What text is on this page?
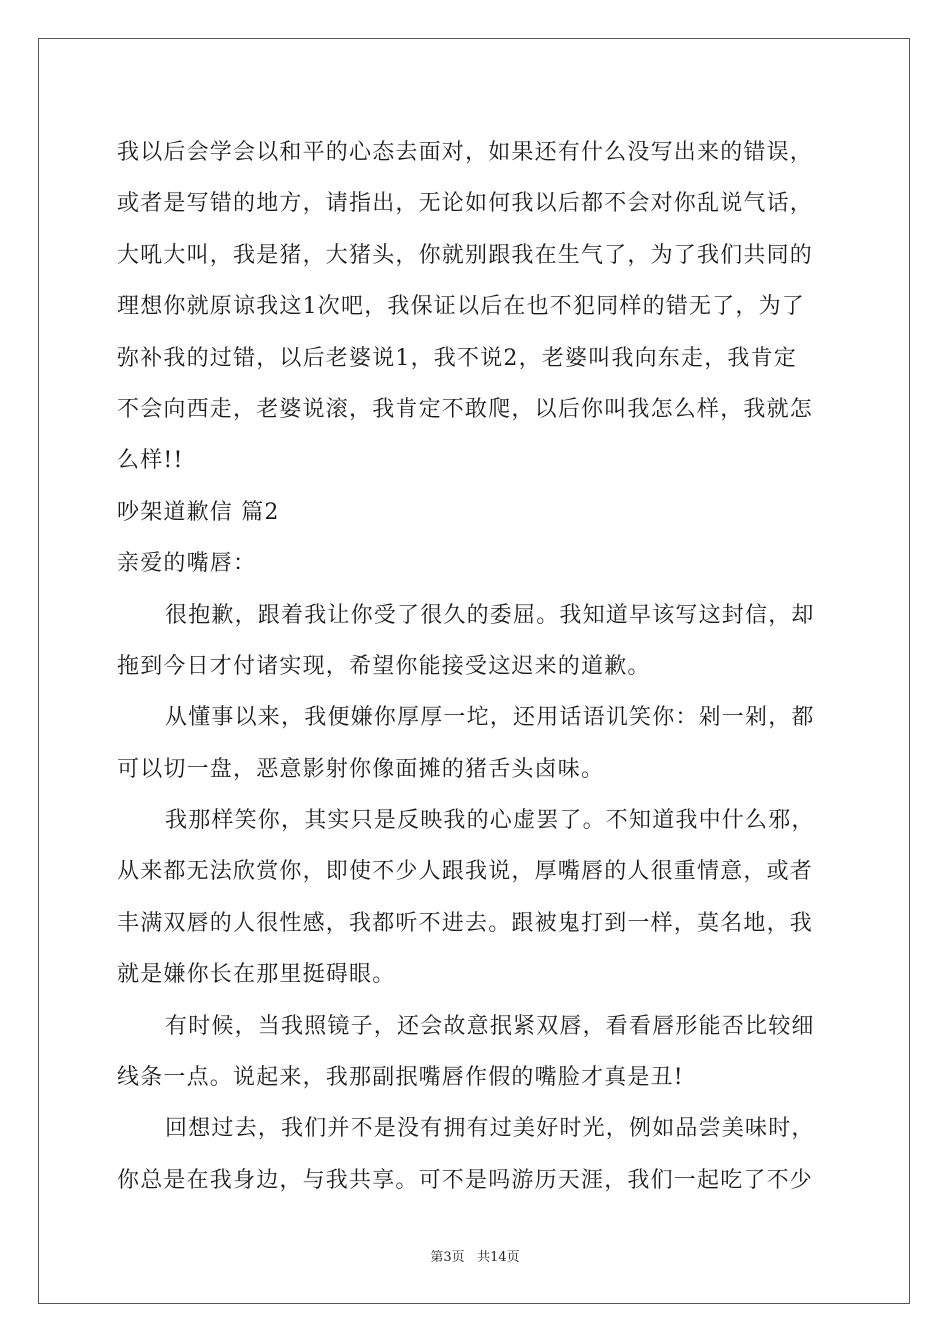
我以后会学会以和平的心态去面对，如果还有什么没写出来的错误，
或者是写错的地方，请指出，无论如何我以后都不会对你乱说气话，
大吼大叫，我是猪，大猪头，你就别跟我在生气了，为了我们共同的
理想你就原谅我这1次吧，我保证以后在也不犯同样的错无了，为了
弥补我的过错，以后老婆说1，我不说2，老婆叫我向东走，我肯定
不会向西走，老婆说滚，我肯定不敢爬，以后你叫我怎么样，我就怎
么样!!
吵架道歉信 篇2
亲爱的嘴唇：
很抱歉，跟着我让你受了很久的委屈。我知道早该写这封信，却
拖到今日才付诸实现，希望你能接受这迟来的道歉。
从懂事以来，我便嫌你厚厚一坨，还用话语讥笑你：剁一剁，都
可以切一盘，恶意影射你像面摊的猪舌头卤味。
我那样笑你，其实只是反映我的心虚罢了。不知道我中什么邪，
从来都无法欣赏你，即使不少人跟我说，厚嘴唇的人很重情意，或者
丰满双唇的人很性感，我都听不进去。跟被鬼打到一样，莫名地，我
就是嫌你长在那里挺碍眼。
有时候，当我照镜子，还会故意抿紧双唇，看看唇形能否比较细
线条一点。说起来，我那副抿嘴唇作假的嘴脸才真是丑!
回想过去，我们并不是没有拥有过美好时光，例如品尝美味时，
你总是在我身边，与我共享。可不是吗游历天涯，我们一起吃了不少
第3页 共14页
